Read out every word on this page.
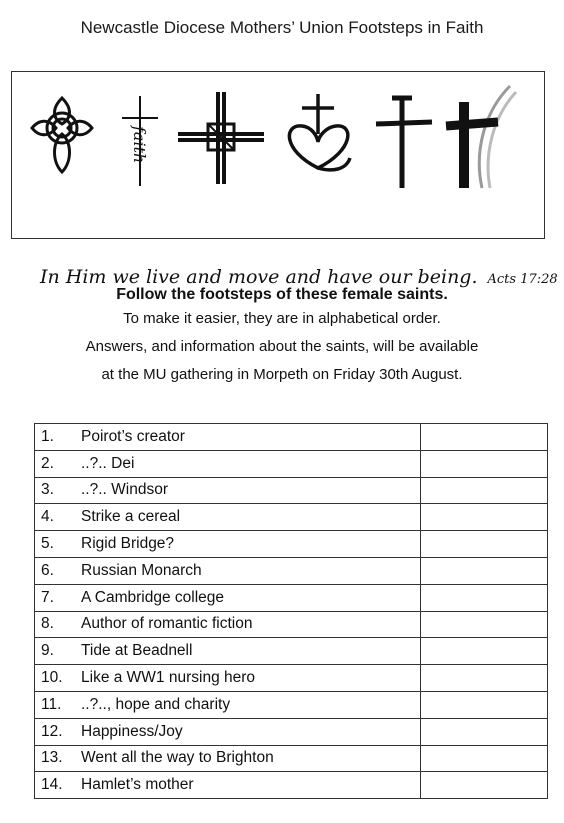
Newcastle Diocese Mothers’ Union Footsteps in Faith
faith
In Him we live and move and have our being. Acts 17:28
Follow the footsteps of these female saints.
To make it easier, they are in alphabetical order.
Answers, and information about the saints, will be available
at the MU gathering in Morpeth on Friday 30th August.
1. Poirot’s creator	
2. ..?.. Dei	
3. ..?.. Windsor	
4. Strike a cereal	
5. Rigid Bridge?	
6. Russian Monarch	
7. A Cambridge college	
8. Author of romantic fiction	
9. Tide at Beadnell	
10. Like a WW1 nursing hero	
11. ..?.., hope and charity	
12. Happiness/Joy	
13. Went all the way to Brighton	
14. Hamlet’s mother	
